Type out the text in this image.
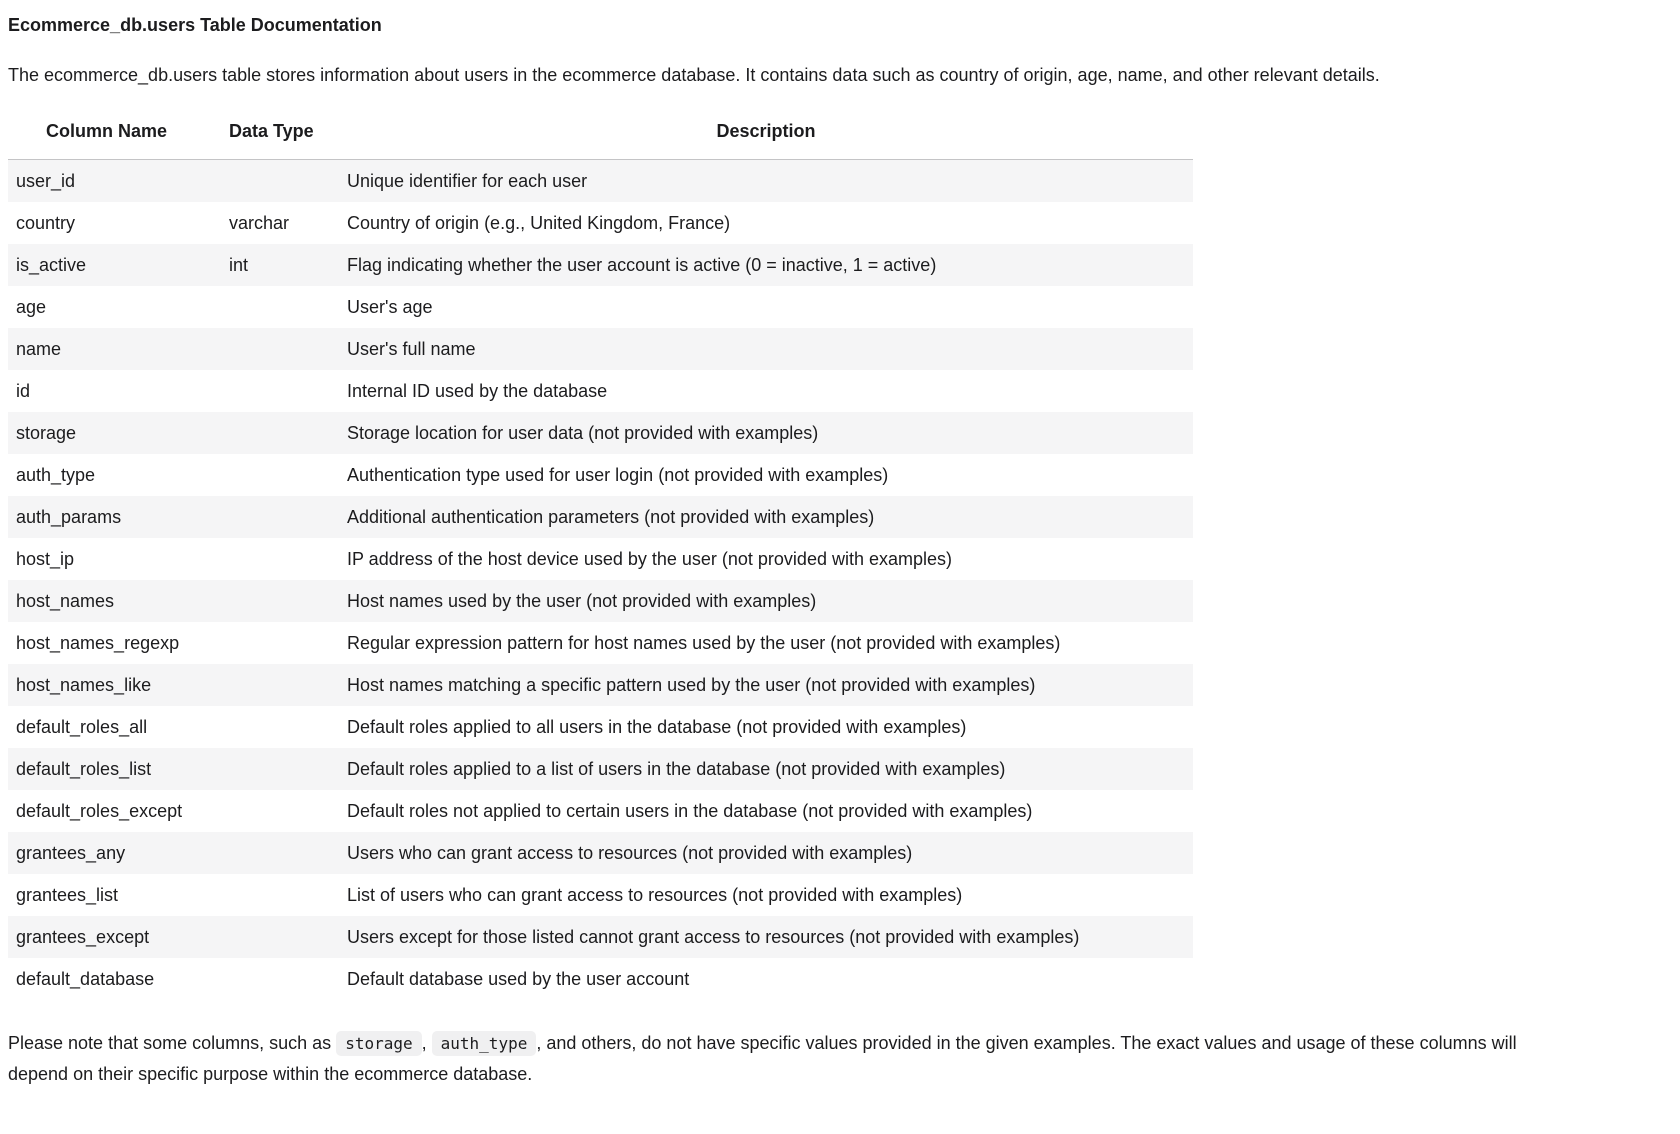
Ecommerce_db.users Table Documentation

The ecommerce_db.users table stores information about users in the ecommerce database. It contains data such as country of origin, age, name, and other relevant details.

Column Name	Data Type	Description
user_id		Unique identifier for each user
country	varchar	Country of origin (e.g., United Kingdom, France)
is_active	int	Flag indicating whether the user account is active (0 = inactive, 1 = active)
age		User's age
name		User's full name
id		Internal ID used by the database
storage		Storage location for user data (not provided with examples)
auth_type		Authentication type used for user login (not provided with examples)
auth_params		Additional authentication parameters (not provided with examples)
host_ip		IP address of the host device used by the user (not provided with examples)
host_names		Host names used by the user (not provided with examples)
host_names_regexp		Regular expression pattern for host names used by the user (not provided with examples)
host_names_like		Host names matching a specific pattern used by the user (not provided with examples)
default_roles_all		Default roles applied to all users in the database (not provided with examples)
default_roles_list		Default roles applied to a list of users in the database (not provided with examples)
default_roles_except		Default roles not applied to certain users in the database (not provided with examples)
grantees_any		Users who can grant access to resources (not provided with examples)
grantees_list		List of users who can grant access to resources (not provided with examples)
grantees_except		Users except for those listed cannot grant access to resources (not provided with examples)
default_database		Default database used by the user account

Please note that some columns, such as storage , auth_type , and others, do not have specific values provided in the given examples. The exact values and usage of these columns will depend on their specific purpose within the ecommerce database.
